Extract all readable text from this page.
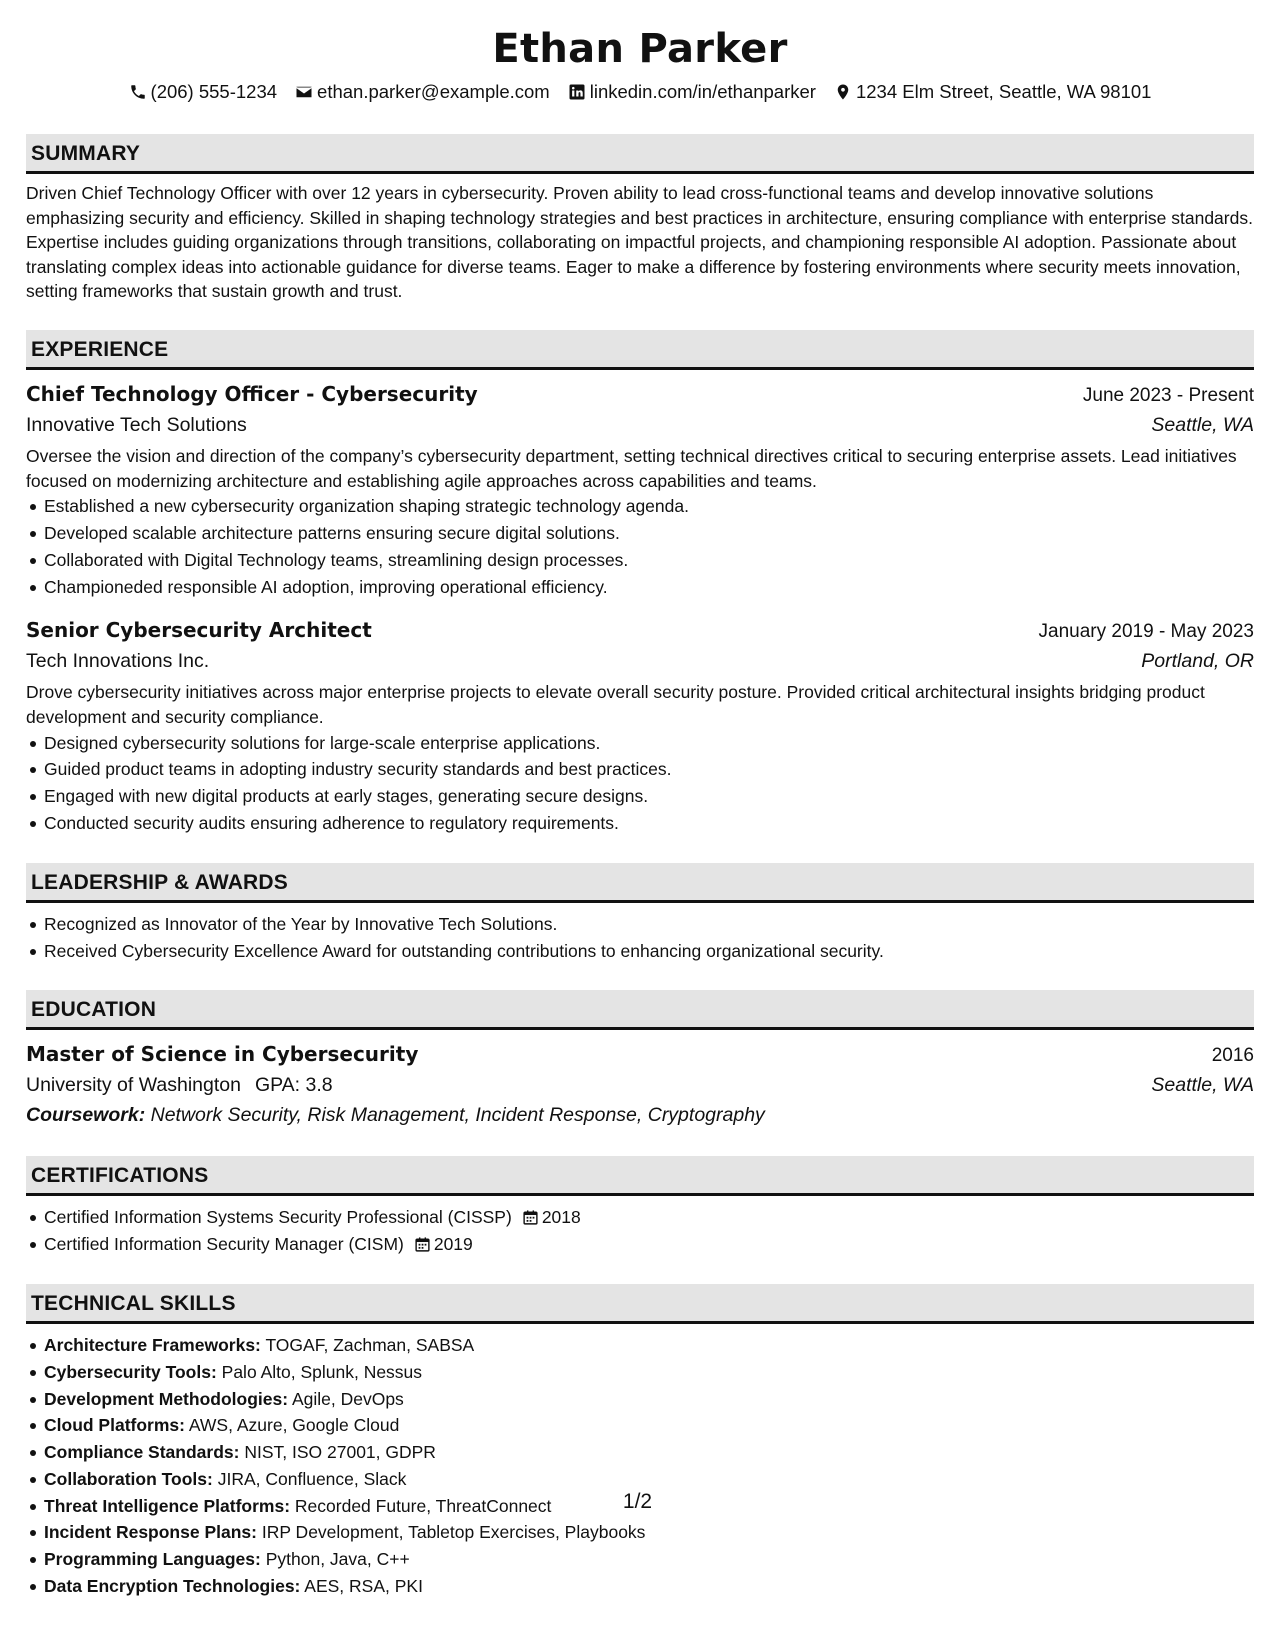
Ethan Parker
(206) 555-1234 ethan.parker@example.com linkedin.com/in/ethanparker 1234 Elm Street, Seattle, WA 98101
SUMMARY

Driven Chief Technology Officer with over 12 years in cybersecurity. Proven ability to lead cross-functional teams and develop innovative solutions emphasizing security and efficiency. Skilled in shaping technology strategies and best practices in architecture, ensuring compliance with enterprise standards. Expertise includes guiding organizations through transitions, collaborating on impactful projects, and championing responsible AI adoption. Passionate about translating complex ideas into actionable guidance for diverse teams. Eager to make a difference by fostering environments where security meets innovation, setting frameworks that sustain growth and trust.

EXPERIENCE
Chief Technology Officer - Cybersecurity	June 2023 - Present
Innovative Tech Solutions	Seattle, WA

Oversee the vision and direction of the company’s cybersecurity department, setting technical directives critical to securing enterprise assets. Lead initiatives focused on modernizing architecture and establishing agile approaches across capabilities and teams.

Established a new cybersecurity organization shaping strategic technology agenda.
Developed scalable architecture patterns ensuring secure digital solutions.
Collaborated with Digital Technology teams, streamlining design processes.
Championeded responsible AI adoption, improving operational efficiency.
Senior Cybersecurity Architect	January 2019 - May 2023
Tech Innovations Inc.	Portland, OR

Drove cybersecurity initiatives across major enterprise projects to elevate overall security posture. Provided critical architectural insights bridging product development and security compliance.

Designed cybersecurity solutions for large-scale enterprise applications.
Guided product teams in adopting industry security standards and best practices.
Engaged with new digital products at early stages, generating secure designs.
Conducted security audits ensuring adherence to regulatory requirements.
LEADERSHIP & AWARDS
Recognized as Innovator of the Year by Innovative Tech Solutions.
Received Cybersecurity Excellence Award for outstanding contributions to enhancing organizational security.
EDUCATION
Master of Science in Cybersecurity	2016
University of Washington GPA: 3.8	Seattle, WA
Coursework: Network Security, Risk Management, Incident Response, Cryptography
CERTIFICATIONS
Certified Information Systems Security Professional (CISSP) 2018
Certified Information Security Manager (CISM) 2019
TECHNICAL SKILLS
Architecture Frameworks: TOGAF, Zachman, SABSA
Cybersecurity Tools: Palo Alto, Splunk, Nessus
Development Methodologies: Agile, DevOps
Cloud Platforms: AWS, Azure, Google Cloud
Compliance Standards: NIST, ISO 27001, GDPR
Collaboration Tools: JIRA, Confluence, Slack
Threat Intelligence Platforms: Recorded Future, ThreatConnect
Incident Response Plans: IRP Development, Tabletop Exercises, Playbooks
Programming Languages: Python, Java, C++
Data Encryption Technologies: AES, RSA, PKI
1/2
